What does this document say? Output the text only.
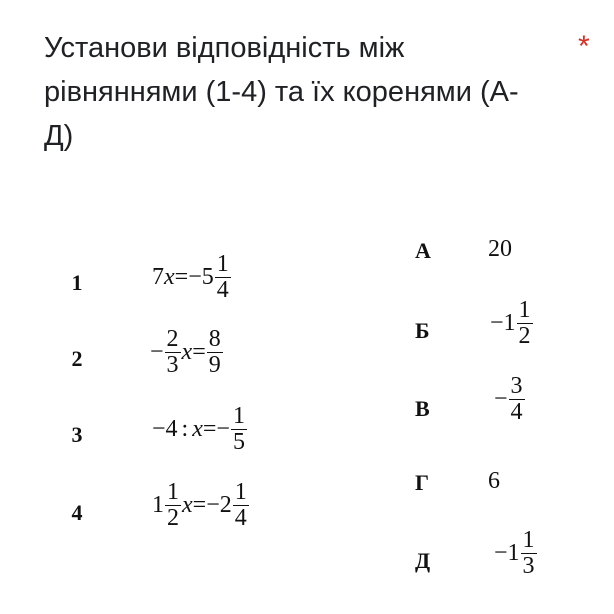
Установи відповідність між рівняннями (1-4) та їх коренями (А-Д)
*
1	7 x = − $5 \frac{1}{4}$
2	− $\frac{2}{3}$ $x = \frac{8}{9}$
3	−4 : x = − $\frac{1}{5}$
4	$1 \frac{1}{2}$ x = − $2 \frac{1}{4}$
А 20
Б	− $1 \frac{1}{2}$
В	− $\frac{3}{4}$
Г 6
Д	− $1 \frac{1}{3}$
